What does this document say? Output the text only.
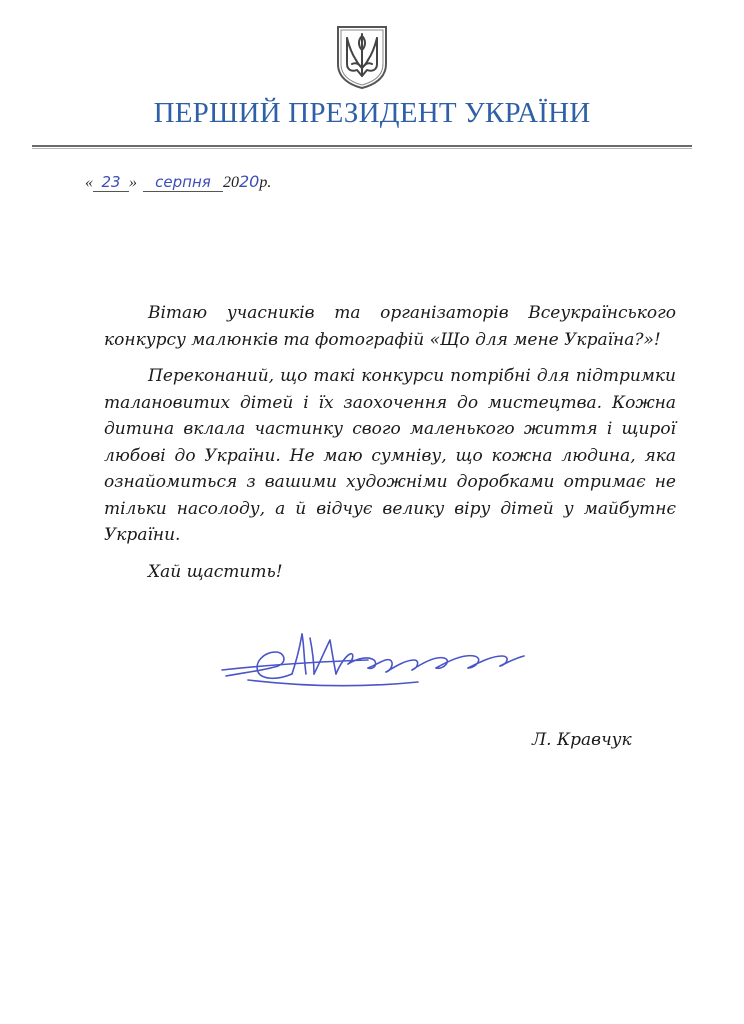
ПЕРШИЙ ПРЕЗИДЕНТ УКРАЇНИ
« 23 » серпня 2020р.

Вітаю учасників та організаторів Всеукраїнського конкурсу малюнків та фотографій «Що для мене Україна?»!

Переконаний, що такі конкурси потрібні для підтримки талановитих дітей і їх заохочення до мистецтва. Кожна дитина вклала частинку свого маленького життя і щирої любові до України. Не маю сумніву, що кожна людина, яка ознайомиться з вашими художніми доробками отримає не тільки насолоду, а й відчує велику віру дітей у майбутнє України.

Хай щастить!

Л. Кравчук
